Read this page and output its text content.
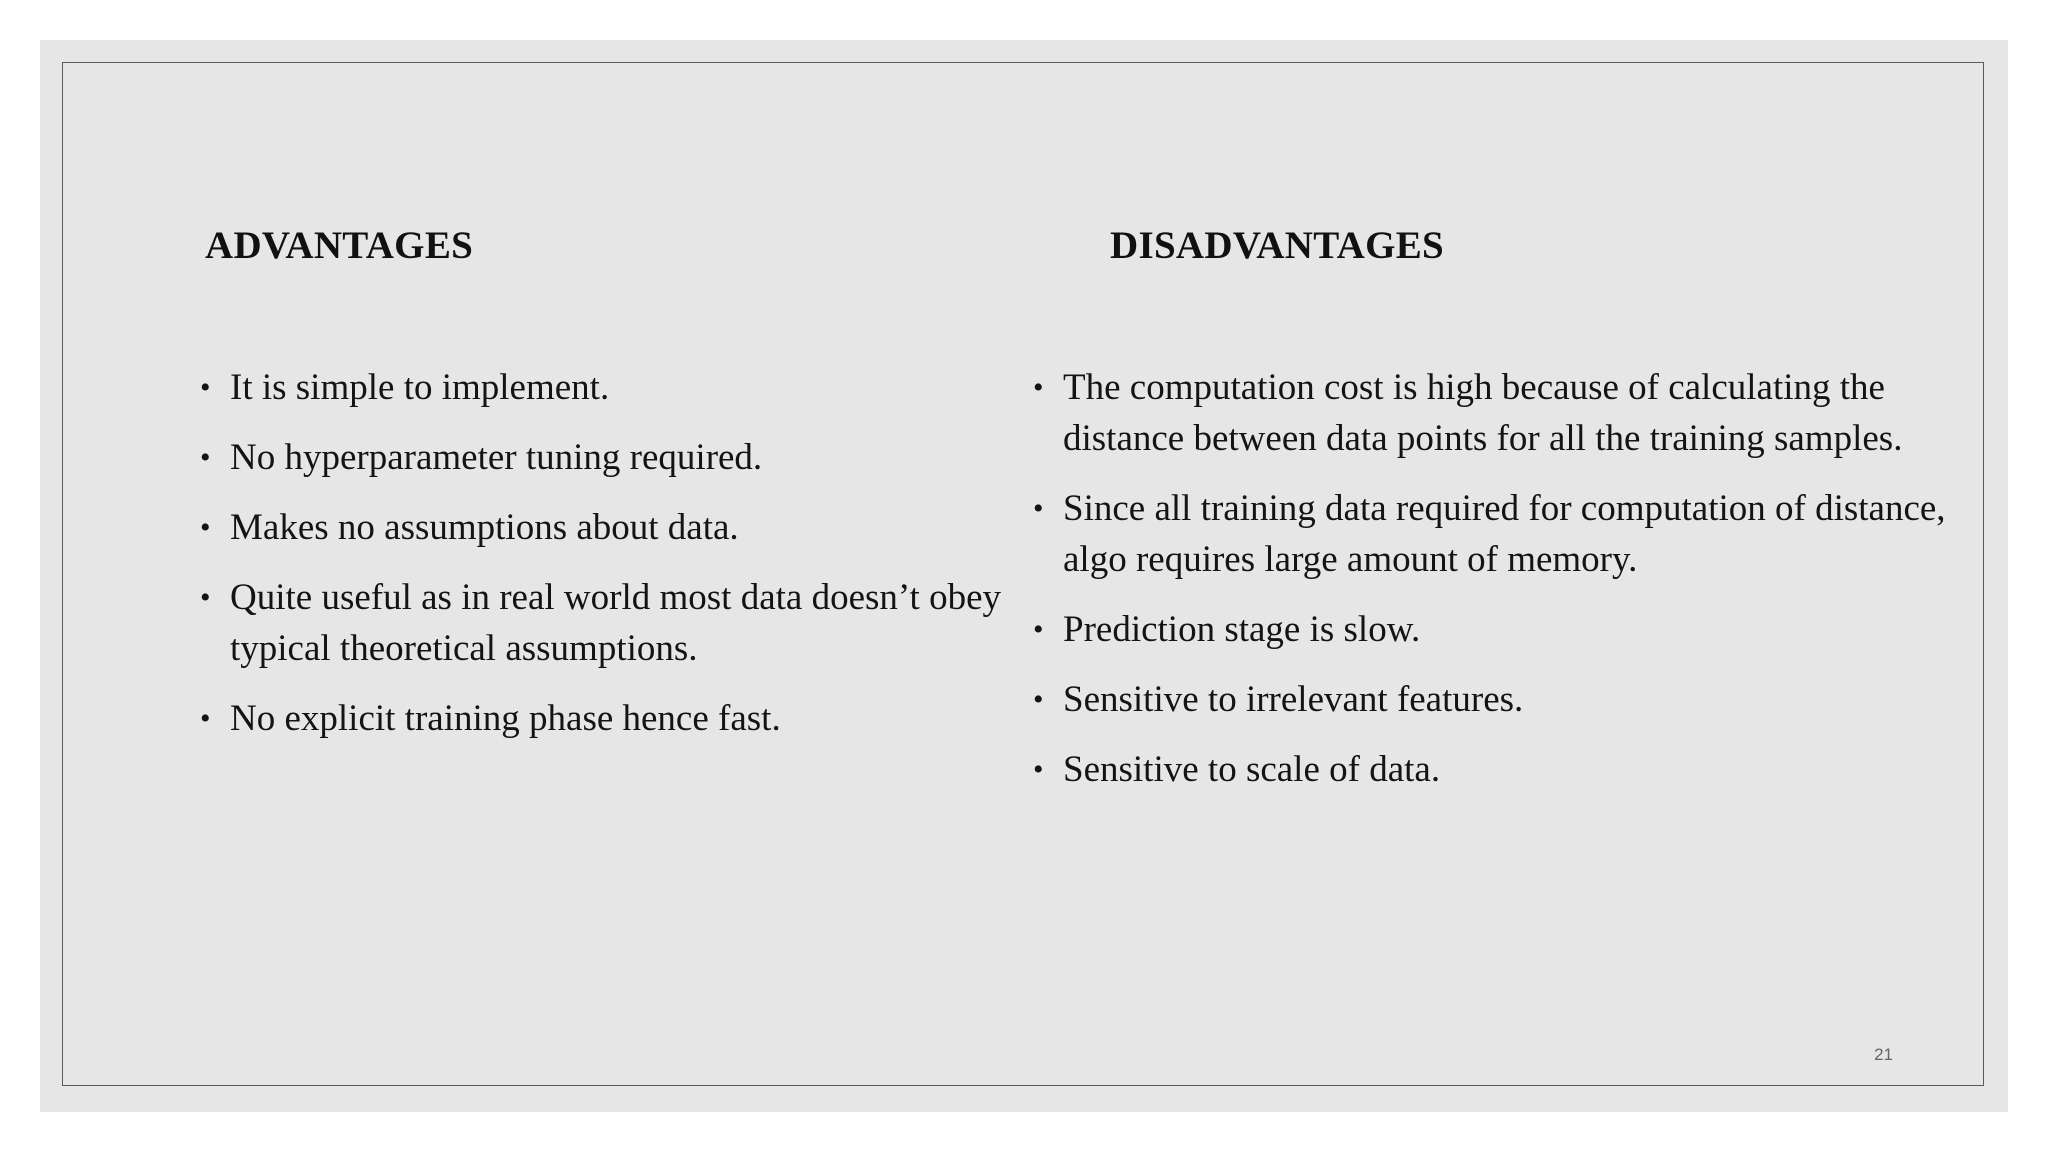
ADVANTAGES	DISADVANTAGES
• It is simple to implement.
• No hyperparameter tuning required.
• Makes no assumptions about data.
• Quite useful as in real world most data doesn’t obey typical theoretical assumptions.
• No explicit training phase hence fast.
• The computation cost is high because of calculating the distance between data points for all the training samples.
• Since all training data required for computation of distance, algo requires large amount of memory.
• Prediction stage is slow.
• Sensitive to irrelevant features.
• Sensitive to scale of data.
21
